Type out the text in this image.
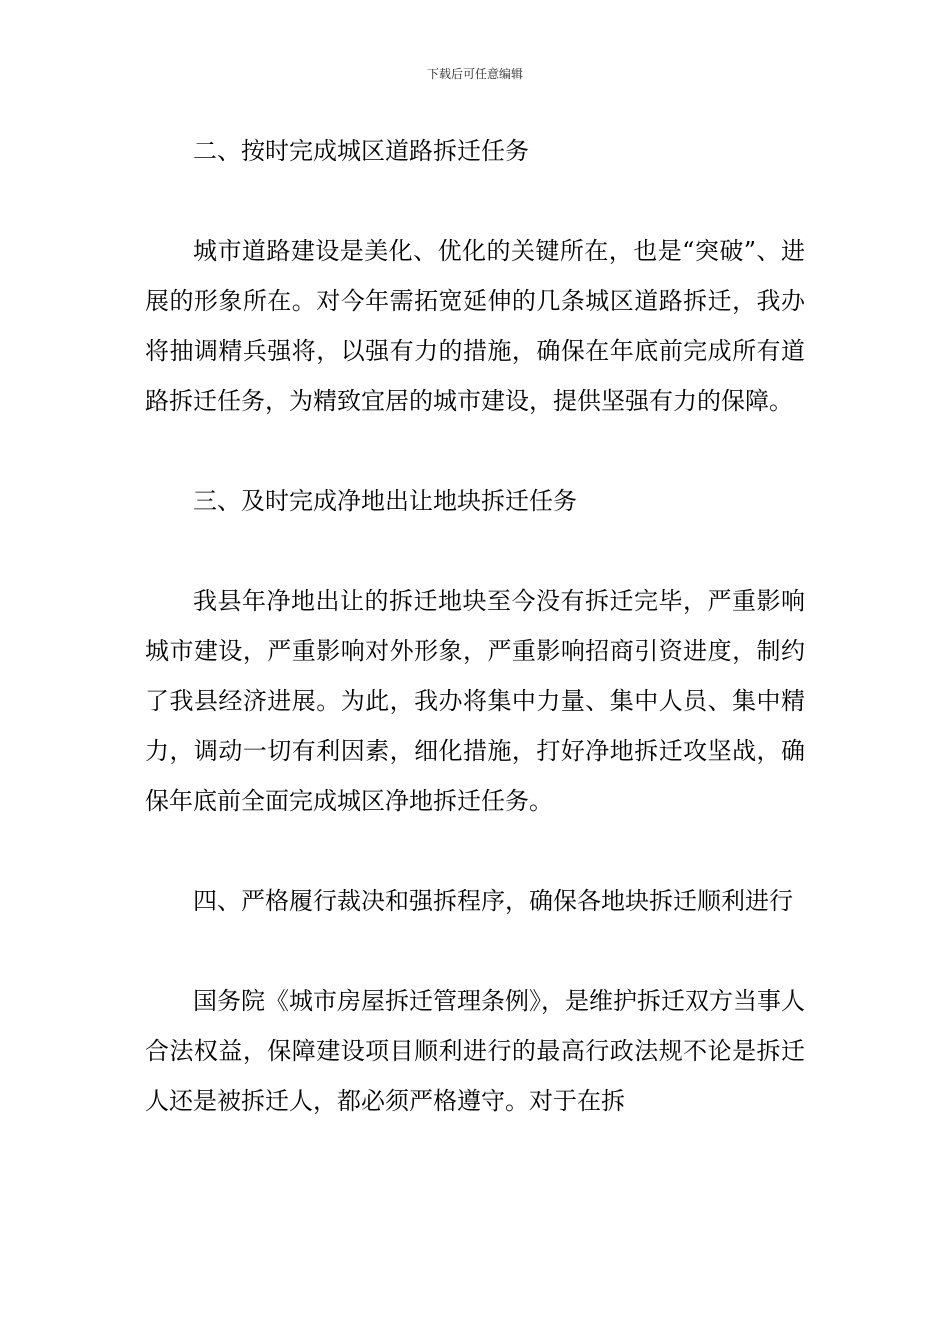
下载后可任意编辑

二、按时完成城区道路拆迁任务

城市道路建设是美化、优化的关键所在，也是“突破”、进展的形象所在。对今年需拓宽延伸的几条城区道路拆迁，我办将抽调精兵强将，以强有力的措施，确保在年底前完成所有道路拆迁任务，为精致宜居的城市建设，提供坚强有力的保障。

三、及时完成净地出让地块拆迁任务

我县年净地出让的拆迁地块至今没有拆迁完毕，严重影响城市建设，严重影响对外形象，严重影响招商引资进度，制约了我县经济进展。为此，我办将集中力量、集中人员、集中精力，调动一切有利因素，细化措施，打好净地拆迁攻坚战，确保年底前全面完成城区净地拆迁任务。

四、严格履行裁决和强拆程序，确保各地块拆迁顺利进行

国务院《城市房屋拆迁管理条例》，是维护拆迁双方当事人合法权益，保障建设项目顺利进行的最高行政法规不论是拆迁人还是被拆迁人，都必须严格遵守。对于在拆
